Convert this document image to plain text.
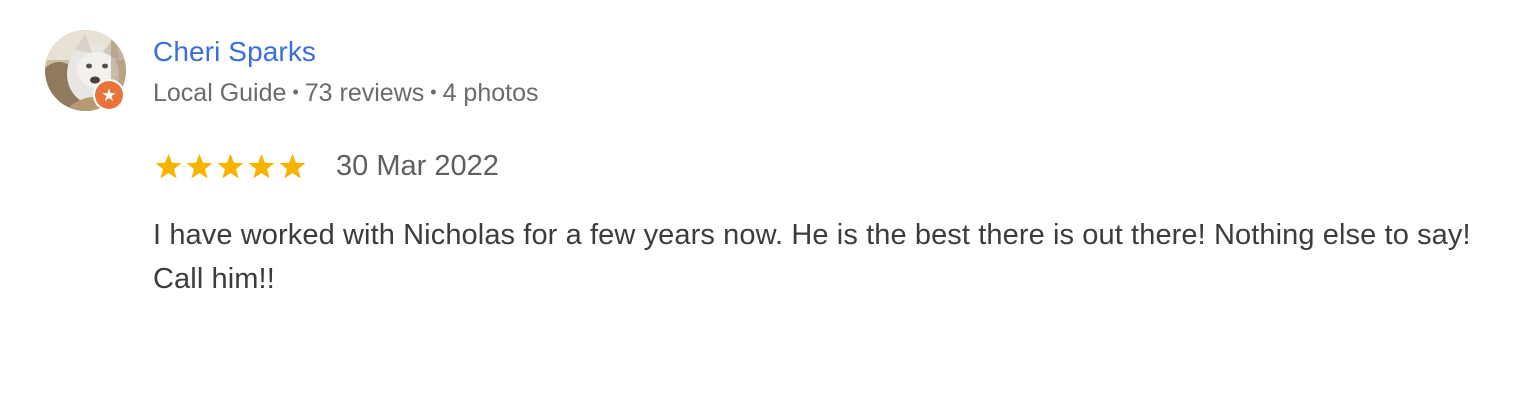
Cheri Sparks
Local Guide • 73 reviews • 4 photos
30 Mar 2022
I have worked with Nicholas for a few years now. He is the best there is out there! Nothing else to say! Call him!!
